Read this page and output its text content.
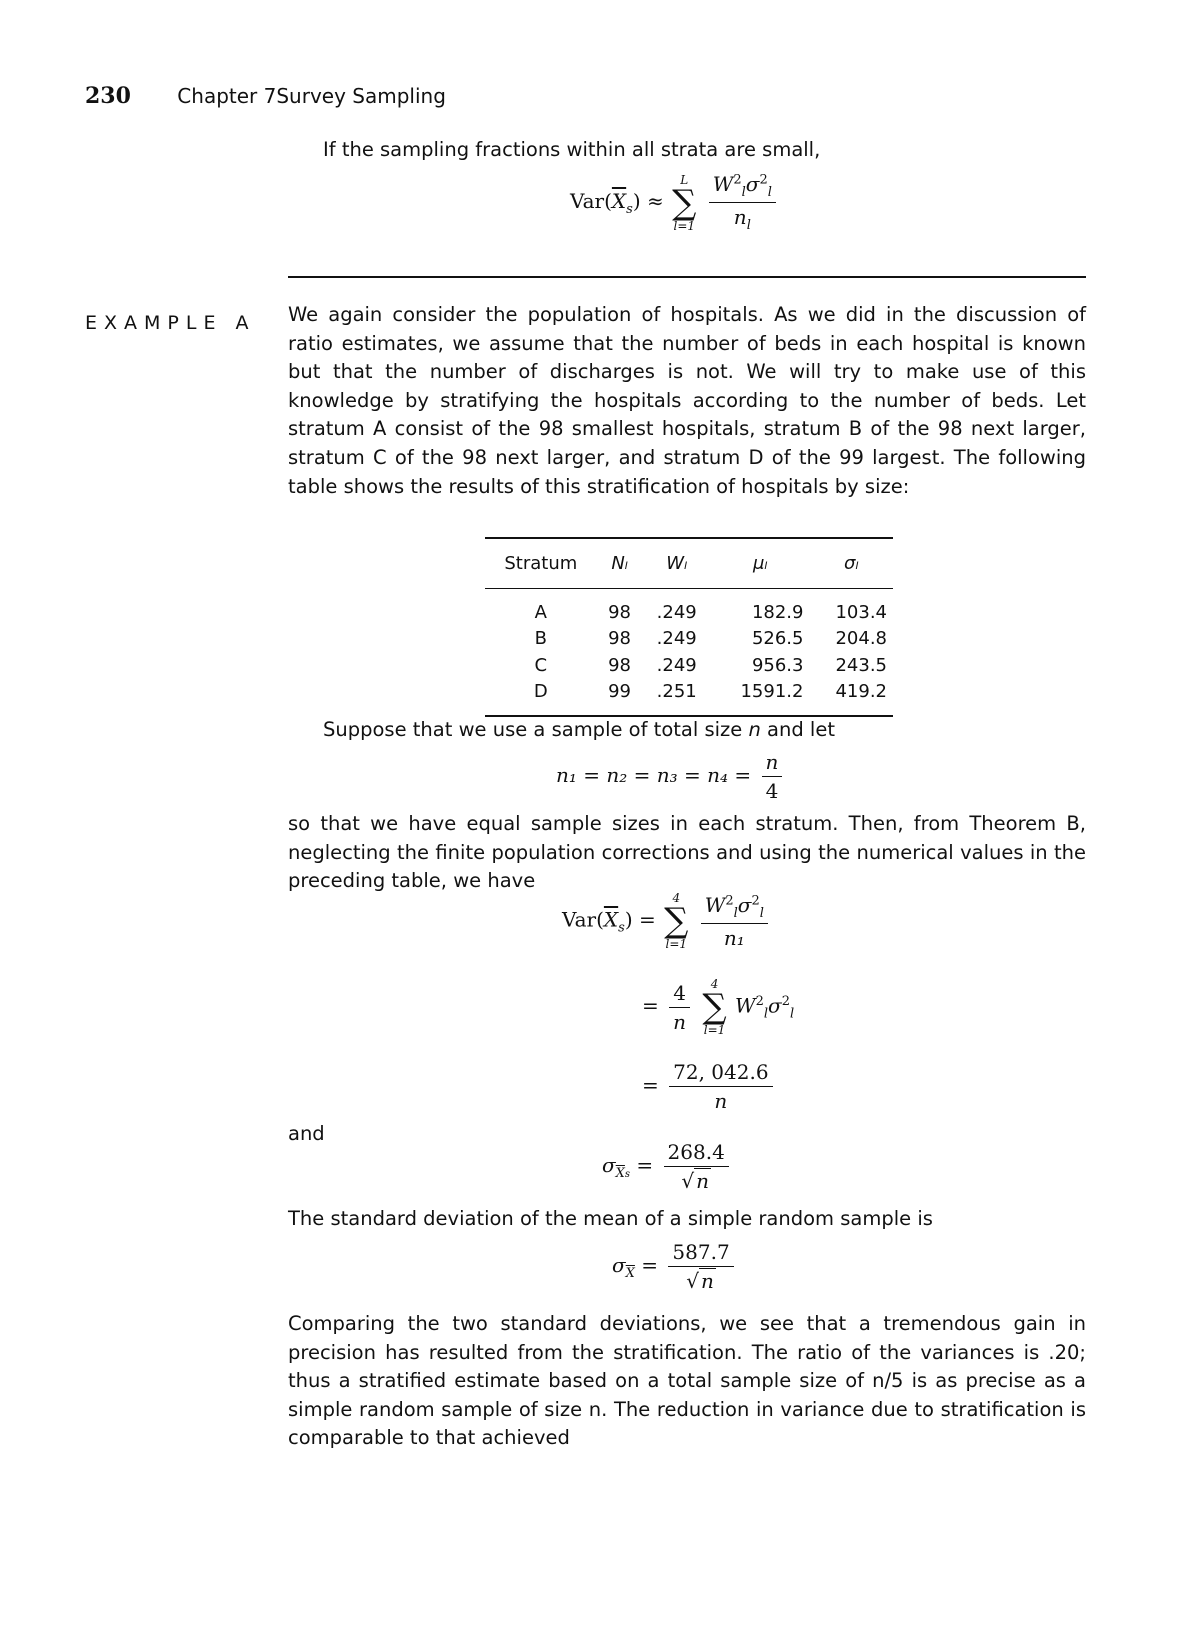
230 Chapter 7Survey Sampling
If the sampling fractions within all strata are small,
$Var(\overline{X}_s)$ ≈
L
∑
l=1
$\frac{W^2_l\sigma^2_l}{n_l}$
EXAMPLE A We again consider the population of hospitals. As we did in the discussion of ratio estimates, we assume that the number of beds in each hospital is known but that the number of discharges is not. We will try to make use of this knowledge by stratifying the hospitals according to the number of beds. Let stratum A consist of the 98 smallest hospitals, stratum B of the 98 next larger, stratum C of the 98 next larger, and stratum D of the 99 largest. The following table shows the results of this stratification of hospitals by size:
Stratum	Nₗ	Wₗ	μₗ	σₗ
A	98	.249	182.9	103.4
B	98	.249	526.5	204.8
C	98	.249	956.3	243.5
D	99	.251	1591.2	419.2
Suppose that we use a sample of total size n and let
$n_1 = n_2 = n_3 = n_4 = \frac{n}{4}$
so that we have equal sample sizes in each stratum. Then, from Theorem B, neglecting the finite population corrections and using the numerical values in the preceding table, we have
$Var(\overline{X}_s)$ =
4
∑
l=1
$\frac{W^2_l\sigma^2_l}{\text{n₁}}$
= $\frac{4}{n}$
	4
∑
l=1
$W^2_l\sigma^2_l$
= $\frac{72, 042.6}{n}$
and
$\sigma_{\overline{X}s} = \frac{268.4}{√ n}$
The standard deviation of the mean of a simple random sample is
$\sigma_{\overline{X}} = \frac{587.7}{√ n}$
Comparing the two standard deviations, we see that a tremendous gain in precision has resulted from the stratification. The ratio of the variances is .20; thus a stratified estimate based on a total sample size of n/5 is as precise as a simple random sample of size n. The reduction in variance due to stratification is comparable to that achieved
